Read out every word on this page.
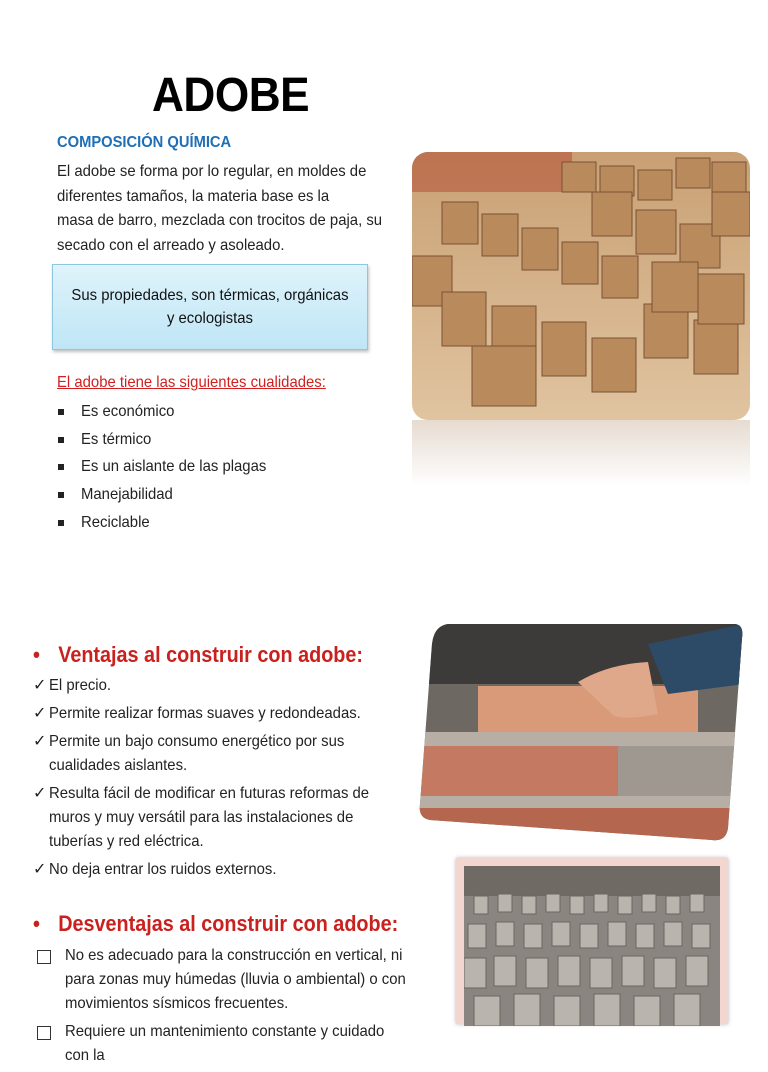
ADOBE
COMPOSICIÓN QUÍMICA
El adobe se forma por lo regular, en moldes de
diferentes tamaños, la materia base es la
masa de barro, mezclada con trocitos de paja, su
secado con el arreado y asoleado.
Sus propiedades, son térmicas, orgánicas
y ecologistas
El adobe tiene las siguientes cualidades:
Es económico
Es térmico
Es un aislante de las plagas
Manejabilidad
Reciclable
• Ventajas al construir con adobe:
✓ El precio.
✓ Permite realizar formas suaves y redondeadas.
✓ Permite un bajo consumo energético por sus
cualidades aislantes.
✓ Resulta fácil de modificar en futuras reformas de
muros y muy versátil para las instalaciones de
tuberías y red eléctrica.
✓ No deja entrar los ruidos externos.
• Desventajas al construir con adobe:
No es adecuado para la construcción en vertical, ni
para zonas muy húmedas (lluvia o ambiental) o con
movimientos sísmicos frecuentes.
Requiere un mantenimiento constante y cuidado con la
